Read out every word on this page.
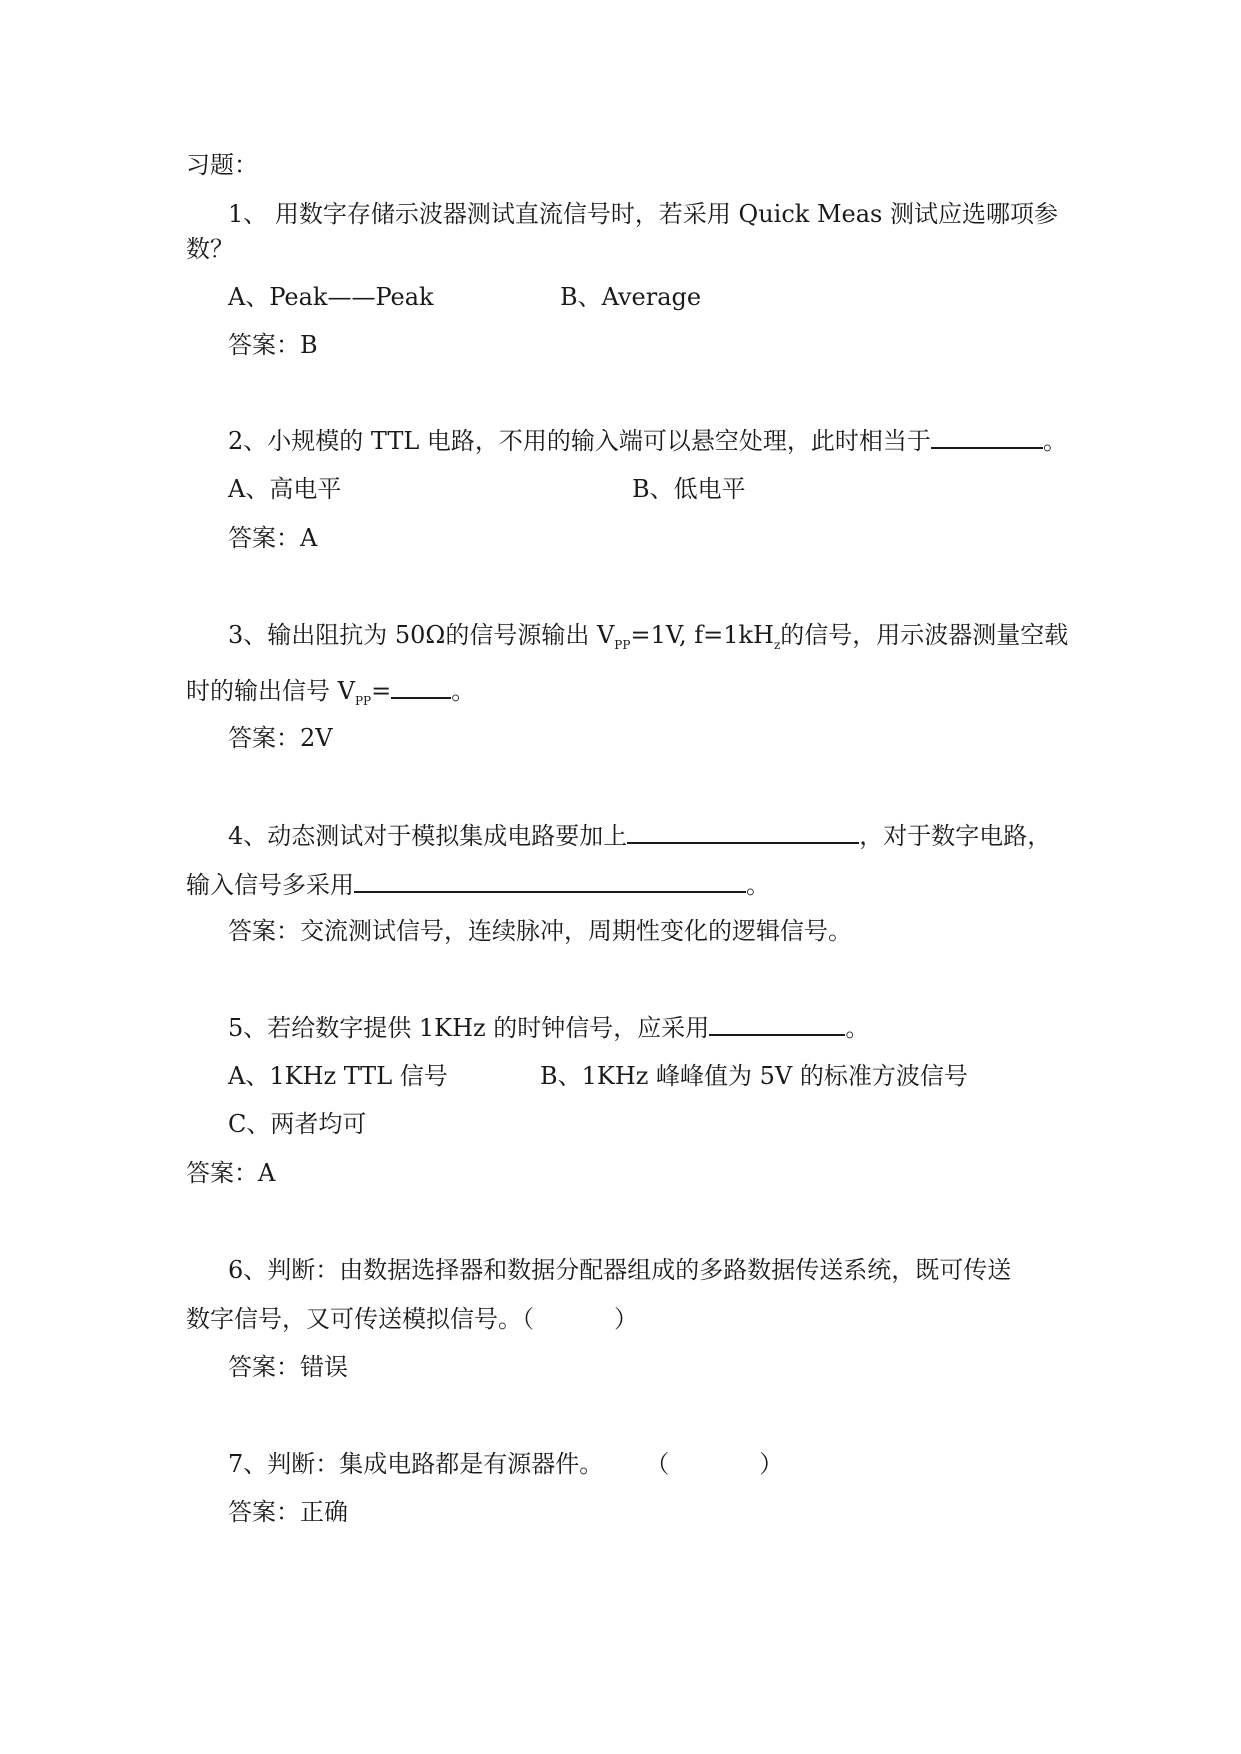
习题：
1、 用数字存储示波器测试直流信号时，若采用 Quick Meas 测试应选哪项参
数？
A、Peak——Peak	B、Average
答案：B
2、小规模的 TTL 电路，不用的输入端可以悬空处理，此时相当于	。
A、高电平	B、低电平
答案：A
3、输出阻抗为 50Ω的信号源输出 $V_{PP}=1V$, $f=1kH_z$的信号，用示波器测量空载
时的输出信号 $V_{PP}=$	。
答案：2V
4、动态测试对于模拟集成电路要加上	，对于数字电路，
输入信号多采用	。
答案：交流测试信号，连续脉冲，周期性变化的逻辑信号。
5、若给数字提供 1KHz 的时钟信号，应采用	。
A、1KHz TTL 信号	B、1KHz 峰峰值为 5V 的标准方波信号
C、两者均可
答案：A
6、判断：由数据选择器和数据分配器组成的多路数据传送系统，既可传送
数字信号，又可传送模拟信号。（	）
答案：错误
7、判断：集成电路都是有源器件。 （	）
答案：正确
